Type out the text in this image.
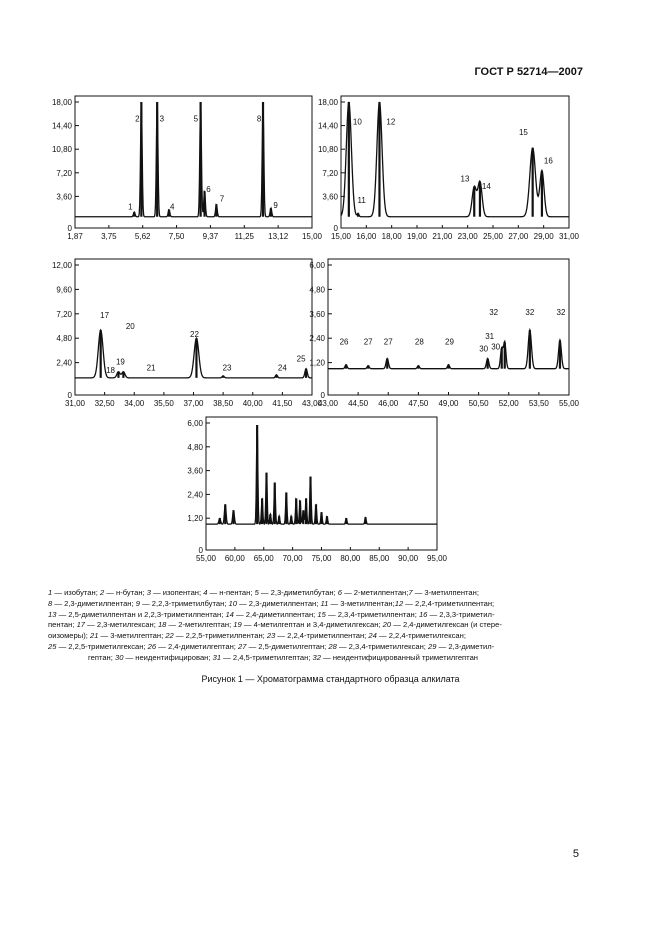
ГОСТ Р 52714—2007
3,60
7,20
10,80
14,40
18,00
0
1,87 3,75 5,62 7,50 9,37 11,25 13,12 15,00
1
2	3
4
5
6
7
8
9
3,60
7,20
10,80
14,40
18,00
0
15,00 16,00 18,00 19,00 21,00 23,00 25,00 27,00 29,00 31,00
10
11
12
13
14
15
16
2,40
4,80
7,20
9,60
12,00
0
31,00 32,50 34,00 35,50 37,00 38,50 40,00 41,50 43,00
17
20
18
19
21
22
23	24
25 1,20
2,40
3,60
4,80
6,00
0
43,00 44,50 46,00 47,50 49,00 50,50 52,00 53,50 55,00
26 27 27	28	29
30
31
30
32	32	32
1,20
2,40
3,60
4,80
6,00
0
55,00 60,00 65,00 70,00 75,00 80,00 85,00 90,00 95,00

1 — изобутан; 2 — н-бутан; 3 — изопентан; 4 — н-пентан; 5 — 2,3-диметилбутан; 6 — 2-метилпентан;7 — 3-метилпентан;

8 — 2,3-диметилпентан; 9 — 2,2,3-триметилбутан; 10 — 2,3-диметилпентан; 11 — 3-метилпентан;12 — 2,2,4-триметилпентан;

13 — 2,5-диметилпентан и 2,2,3-триметилпентан; 14 — 2,4-диметилпентан; 15 — 2,3,4-триметилпентан; 16 — 2,3,3-триметил-

пентан; 17 — 2,3-метилгексан; 18 — 2-метилгептан; 19 — 4-метилгептан и 3,4-диметилгексан; 20 — 2,4-диметилгексан (и стере-

оизомеры); 21 — 3-метилгептан; 22 — 2,2,5-триметилпентан; 23 — 2,2,4-триметилпентан; 24 — 2,2,4-триметилгексан;

25 — 2,2,5-триметилгексан; 26 — 2,4-диметилгептан; 27 — 2,5-диметилгептан; 28 — 2,3,4-триметилгексан; 29 — 2,3-димeтил-

гептан; 30 — неидентифицирован; 31 — 2,4,5-триметилгептан; 32 — неидентифицированный триметилгептан

Рисунок 1 — Хроматограмма стандартного образца алкилата
5
